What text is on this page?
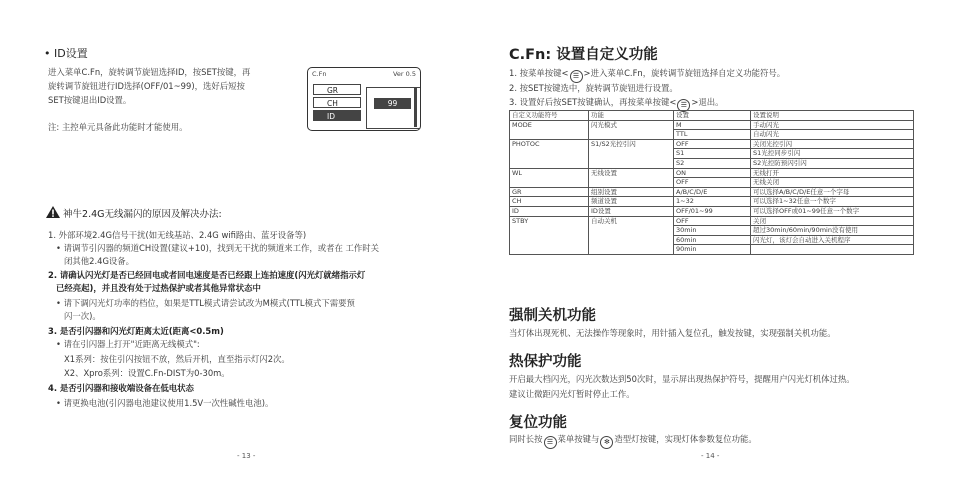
• ID设置
进入菜单C.Fn，旋转调节旋钮选择ID，按SET按键，再
旋转调节旋钮进行ID选择(OFF/01~99)，选好后短按
SET按键退出ID设置。
注: 主控单元具备此功能时才能使用。
C.Fn	Ver 0.5
GR
CH
ID
99
神牛2.4G无线漏闪的原因及解决办法:
1. 外部环境2.4G信号干扰(如无线基站、2.4G wifi路由、蓝牙设备等)
• 请调节引闪器的频道CH设置(建议+10)，找到无干扰的频道来工作，或者在 工作时关
闭其他2.4G设备。
2. 请确认闪光灯是否已经回电或者回电速度是否已经跟上连拍速度(闪光灯就绪指示灯
已经亮起)，并且没有处于过热保护或者其他异常状态中
• 请下调闪光灯功率的档位，如果是TTL模式请尝试改为M模式(TTL模式下需要预
闪一次)。
3. 是否引闪器和闪光灯距离太近(距离<0.5m)
• 请在引闪器上打开"近距离无线模式":
X1系列：按住引闪按钮不放，然后开机，直至指示灯闪2次。
X2、Xpro系列：设置C.Fn-DIST为0-30m。
4. 是否引闪器和接收端设备在低电状态
• 请更换电池(引闪器电池建议使用1.5V一次性碱性电池)。
- 13 -
C.Fn: 设置自定义功能
1. 按菜单按键< ☰ >进入菜单C.Fn，旋转调节旋钮选择自定义功能符号。
2. 按SET按键选中，旋转调节旋钮进行设置。
3. 设置好后按SET按键确认，再按菜单按键< ☰ >退出。
自定义功能符号	功能	设置	设置说明
MODE	闪光模式	M	手动闪光
		TTL	自动闪光
PHOTOC	S1/S2光控引闪	OFF	关闭光控引闪
		S1	S1光控同步引闪
		S2	S2光控防预闪引闪
WL	无线设置	ON	无线打开
		OFF	无线关闭
GR	组别设置	A/B/C/D/E	可以选择A/B/C/D/E任意一个字母
CH	频道设置	1~32	可以选择1~32任意一个数字
ID	ID设置	OFF/01~99	可以选择OFF或01~99任意一个数字
STBY	自动关机	OFF	关闭
		30min	超过30min/60min/90min没有使用
		60min	闪光灯，该灯会自动进入关机程序
		90min	
强制关机功能
当灯体出现死机、无法操作等现象时，用针插入复位孔，触发按键，实现强制关机功能。
热保护功能
开启最大档闪光，闪光次数达到50次时，显示屏出现热保护符号，提醒用户闪光灯机体过热。
建议让微距闪光灯暂时停止工作。
复位功能
同时长按 ☰ 菜单按键与 ✻ 造型灯按键，实现灯体参数复位功能。
- 14 -
